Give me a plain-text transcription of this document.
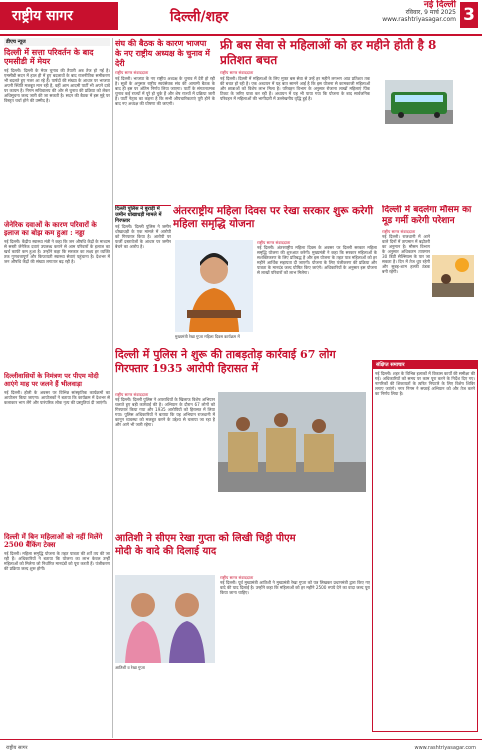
राष्ट्रीय सागर	दिल्ली/शहर
नई दिल्ली
रविवार, 9 मार्च 2025
www.rashtriyasagar.com 3

डीएच न्यूज

दिल्ली में सत्ता परिवर्तन के बाद एमसीडी में मेयर

नई दिल्ली। दिल्ली के मेयर चुनाव की तैयारी अब तेज हो गई है। एमसीडी सदन में हाल ही में हुए बदलावों के बाद राजनीतिक समीकरण भी बदलते हुए नजर आ रहे हैं। पार्षदों की संख्या के आधार पर भाजपा अपनी स्थिति मजबूत मान रही है, वहीं आम आदमी पार्टी भी अपने दावे पर कायम है। निगम सचिवालय की ओर से चुनाव की प्रक्रिया को लेकर अधिसूचना जल्द जारी की जा सकती है। सदन की बैठक में इस मुद्दे पर विस्तृत चर्चा होने की उम्मीद है।

जेनेरिक दवाओं के कारण परिवारों के इलाज का बोझ कम हुआ : नड्डा

नई दिल्ली। केंद्रीय स्वास्थ्य मंत्री ने कहा कि जन औषधि केंद्रों के माध्यम से सस्ती जेनेरिक दवाएं उपलब्ध कराने से आम परिवारों के इलाज का खर्च काफी कम हुआ है। उन्होंने कहा कि सरकार का लक्ष्य हर व्यक्ति तक गुणवत्तापूर्ण और किफायती स्वास्थ्य सेवाएं पहुंचाना है। देशभर में जन औषधि केंद्रों की संख्या लगातार बढ़ रही है।

दिल्लीवासियों के निमंत्रण पर पीएम मोदी आएंगे माह पर जलने हैं भीलवाड़ा

नई दिल्ली। होली के अवसर पर विभिन्न सांस्कृतिक कार्यक्रमों का आयोजन किया जाएगा। आयोजकों ने बताया कि कार्यक्रम में देशभर से कलाकार भाग लेंगे और पारंपरिक लोक नृत्य की प्रस्तुतियां दी जाएंगी।

दिल्ली में बिन महिलाओं को नहीं मिलेंगे 2500 बैंकिंग टेक्स

नई दिल्ली। महिला समृद्धि योजना के तहत पात्रता की शर्तें तय की जा रही हैं। अधिकारियों ने बताया कि योजना का लाभ केवल उन्हीं महिलाओं को मिलेगा जो निर्धारित मानदंडों को पूरा करती हैं। पंजीकरण की प्रक्रिया जल्द शुरू होगी।

संघ की बैठक के कारण भाजपा के नए राष्ट्रीय अध्यक्ष के चुनाव में देरी

राष्ट्रीय सागर संवाददाता

नई दिल्ली। भाजपा के नए राष्ट्रीय अध्यक्ष के चुनाव में देरी हो रही है। सूत्रों के अनुसार राष्ट्रीय स्वयंसेवक संघ की आगामी बैठक के बाद ही इस पर अंतिम निर्णय लिया जाएगा। पार्टी के संगठनात्मक चुनाव कई राज्यों में पूरे हो चुके हैं और शेष राज्यों में प्रक्रिया जारी है। पार्टी नेतृत्व का कहना है कि सभी औपचारिकताएं पूरी होने के बाद नए अध्यक्ष की घोषणा की जाएगी।

दिल्ली पुलिस ने बुराड़ी में जमीन धोखाधड़ी मामले में गिरफ्तार

नई दिल्ली। दिल्ली पुलिस ने जमीन धोखाधड़ी के एक मामले में आरोपी को गिरफ्तार किया है। आरोपी पर फर्जी दस्तावेजों के आधार पर जमीन बेचने का आरोप है।

फ्री बस सेवा से महिलाओं को हर महीने होती है 8 प्रतिशत बचत

राष्ट्रीय सागर संवाददाता

नई दिल्ली। दिल्ली में महिलाओं के लिए मुफ्त बस सेवा से उन्हें हर महीने लगभग आठ प्रतिशत तक की बचत हो रही है। एक अध्ययन में यह बात सामने आई है कि इस योजना से कामकाजी महिलाओं और छात्राओं को विशेष लाभ मिला है। परिवहन विभाग के अनुसार रोजाना लाखों महिलाएं पिंक टिकट के जरिए यात्रा कर रही हैं। अध्ययन में यह भी पाया गया कि योजना के बाद सार्वजनिक परिवहन में महिलाओं की भागीदारी में उल्लेखनीय वृद्धि हुई है।

अंतरराष्ट्रीय महिला दिवस पर रेखा सरकार शुरू करेगी महिला समृद्धि योजना

राष्ट्रीय सागर संवाददाता

नई दिल्ली। अंतरराष्ट्रीय महिला दिवस के अवसर पर दिल्ली सरकार महिला समृद्धि योजना की शुरुआत करेगी। मुख्यमंत्री ने कहा कि सरकार महिलाओं के सशक्तिकरण के लिए प्रतिबद्ध है और इस योजना के तहत पात्र महिलाओं को हर महीने आर्थिक सहायता दी जाएगी। योजना के लिए पंजीकरण की प्रक्रिया और पात्रता के मानदंड जल्द घोषित किए जाएंगे। अधिकारियों के अनुसार इस योजना से लाखों परिवारों को लाभ मिलेगा।

मुख्यमंत्री रेखा गुप्ता महिला दिवस कार्यक्रम में

दिल्ली में बदलेगा मौसम का मूड गर्मी करेगी परेशान

राष्ट्रीय सागर संवाददाता

नई दिल्ली। राजधानी में आने वाले दिनों में तापमान में बढ़ोतरी का अनुमान है। मौसम विभाग के अनुसार अधिकतम तापमान 30 डिग्री सेल्सियस के पार जा सकता है। दिन में तेज धूप रहेगी और सुबह-शाम हल्की ठंडक बनी रहेगी।

दिल्ली में पुलिस ने शुरू की ताबड़तोड़ कार्रवाई 67 लोग गिरफ्तार 1935 आरोपी हिरासत में

राष्ट्रीय सागर संवाददाता

नई दिल्ली। दिल्ली पुलिस ने अपराधियों के खिलाफ विशेष अभियान चलाते हुए बड़ी कार्रवाई की है। अभियान के दौरान 67 लोगों को गिरफ्तार किया गया और 1935 आरोपियों को हिरासत में लिया गया। पुलिस अधिकारियों ने बताया कि यह अभियान राजधानी में कानून व्यवस्था को मजबूत करने के उद्देश्य से चलाया जा रहा है और आगे भी जारी रहेगा।

आतिशी ने सीएम रेखा गुप्ता को लिखी चिट्ठी पीएम मोदी के वादे की दिलाई याद

आतिशी व रेखा गुप्ता

राष्ट्रीय सागर संवाददाता

नई दिल्ली। पूर्व मुख्यमंत्री आतिशी ने मुख्यमंत्री रेखा गुप्ता को पत्र लिखकर प्रधानमंत्री द्वारा किए गए वादे की याद दिलाई है। उन्होंने कहा कि महिलाओं को हर महीने 2500 रुपये देने का वादा जल्द पूरा किया जाना चाहिए।

संक्षिप्त समाचार

नई दिल्ली। शहर के विभिन्न इलाकों में विकास कार्यों की समीक्षा की गई। अधिकारियों को समय पर काम पूरा करने के निर्देश दिए गए। नागरिकों की शिकायतों के त्वरित निपटारे के लिए विशेष शिविर लगाए जाएंगे। नगर निगम ने सफाई अभियान को और तेज करने का निर्णय लिया है।

राष्ट्रीय सागर	www.rashtriyasagar.com
